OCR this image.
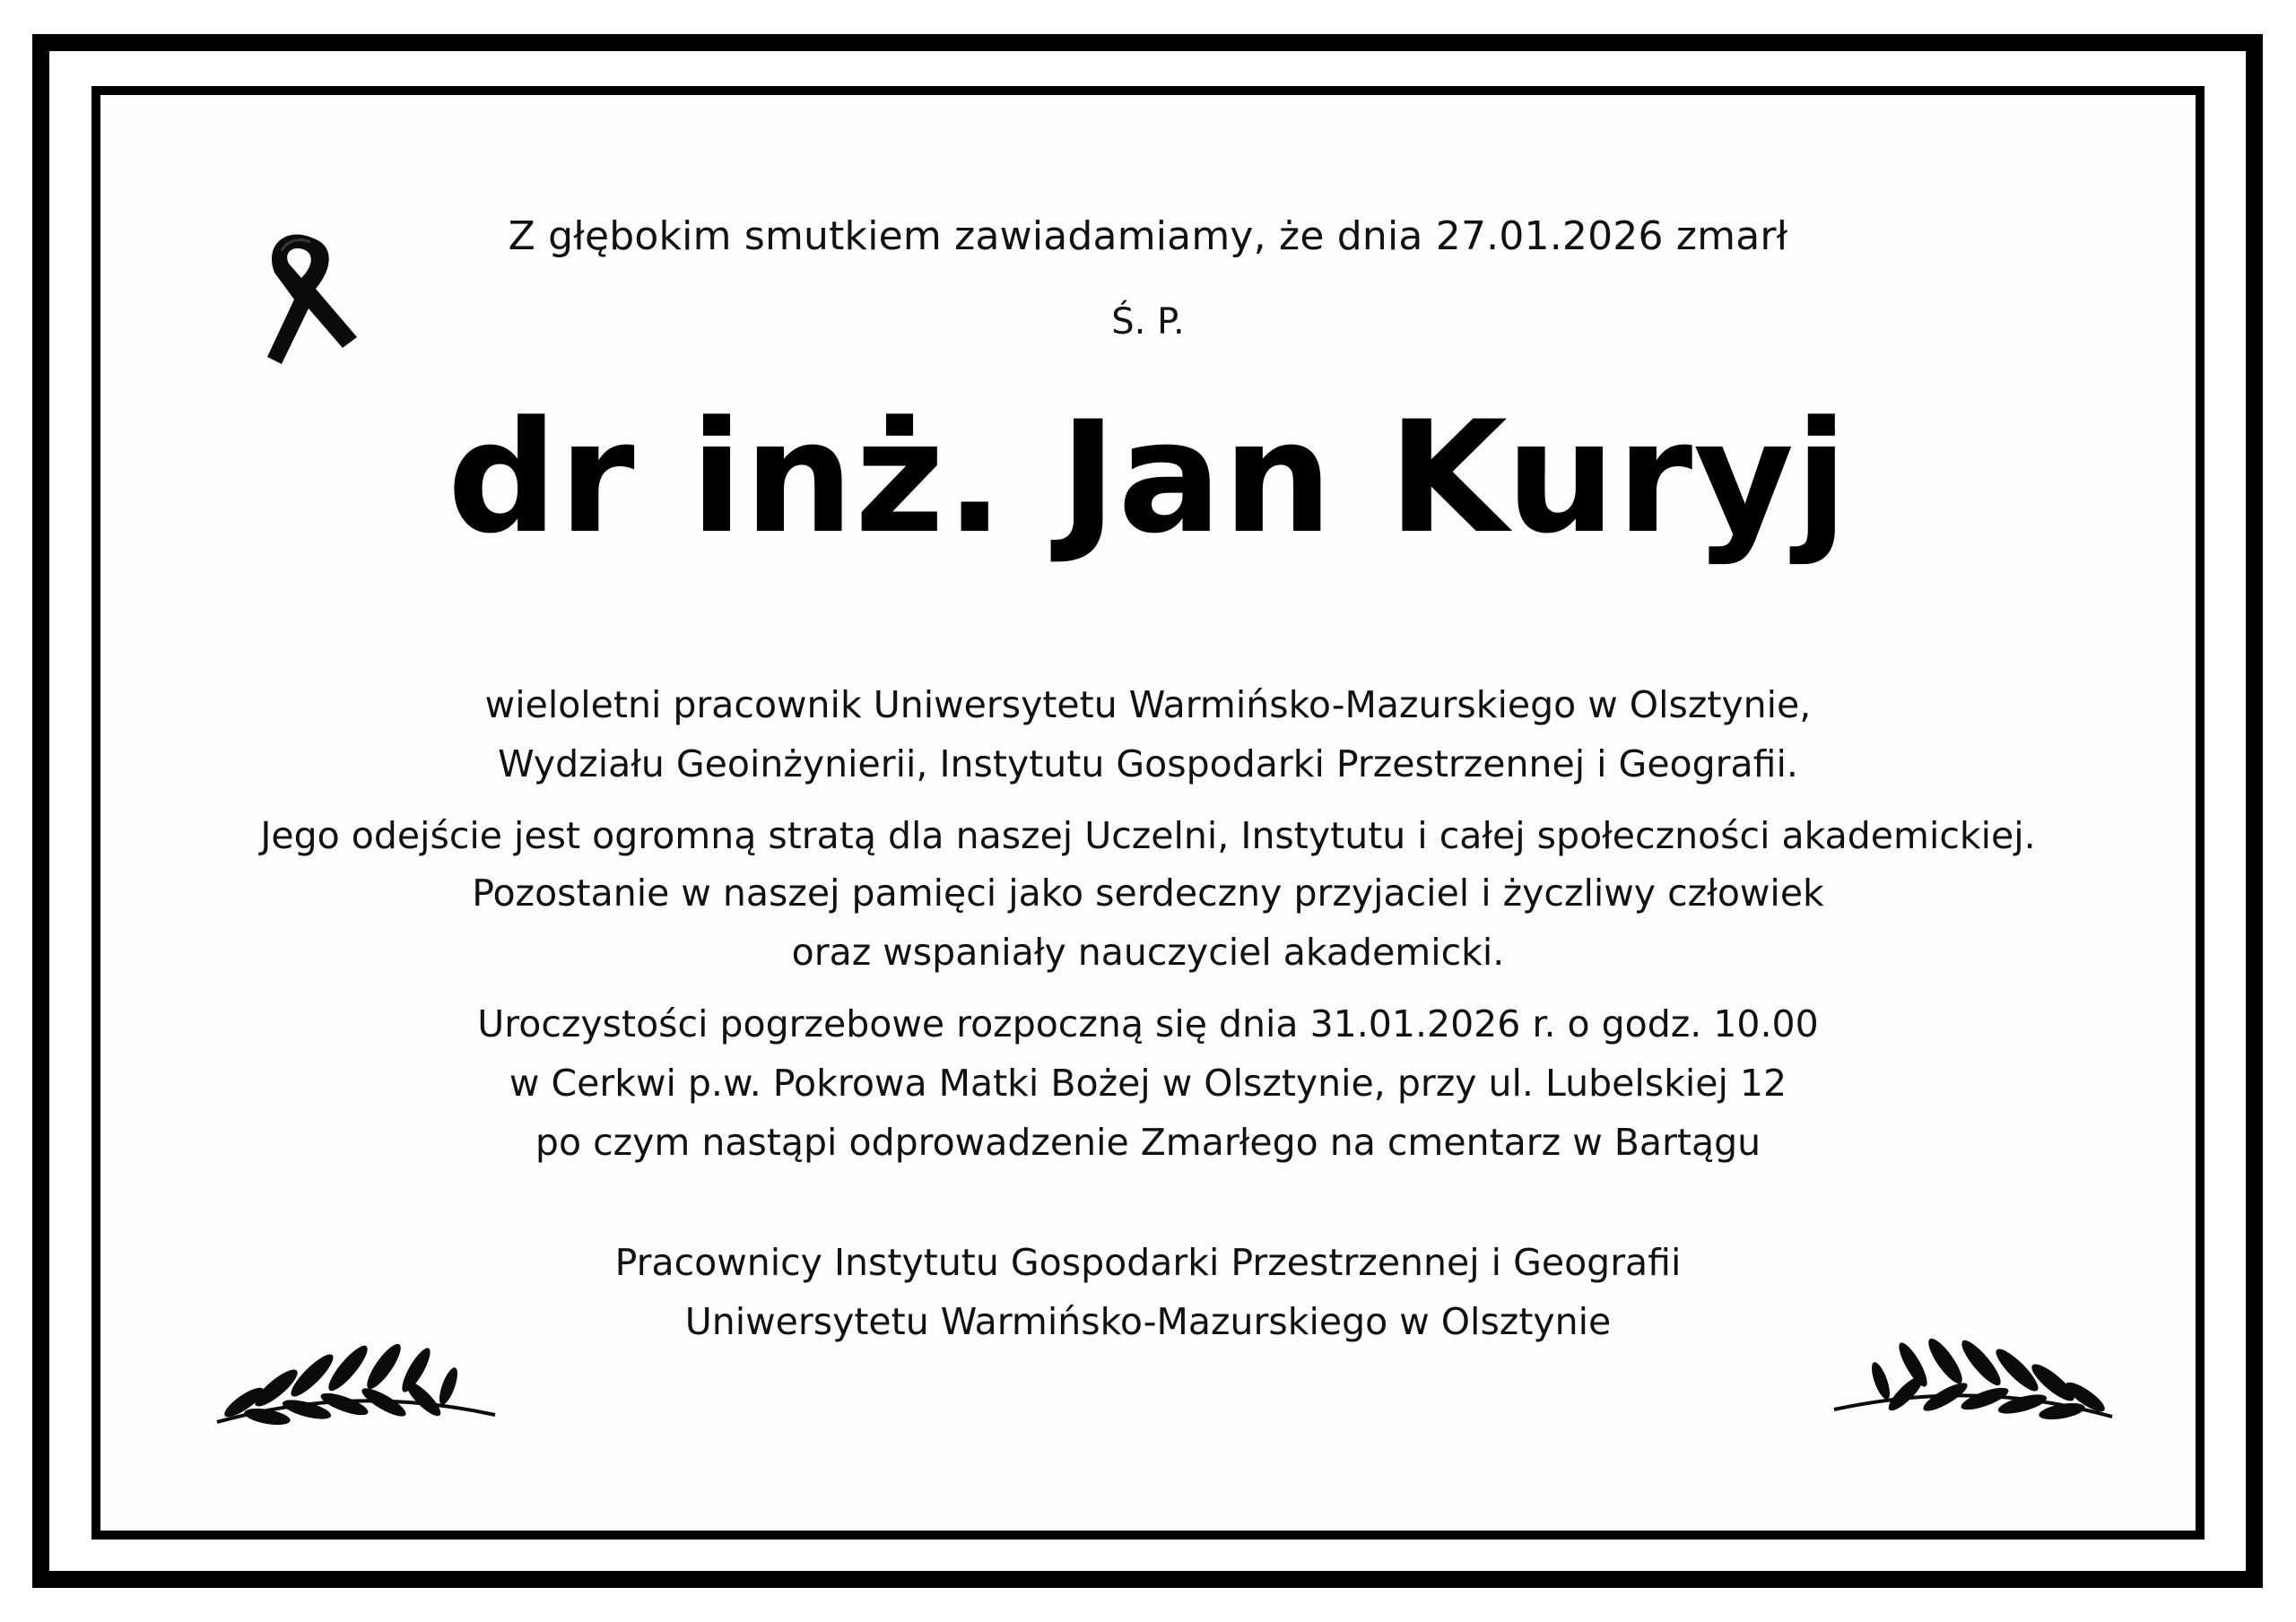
Z głębokim smutkiem zawiadamiamy, że dnia 27.01.2026 zmarł

Ś. P.

dr inż. Jan Kuryj

wieloletni pracownik Uniwersytetu Warmińsko-Mazurskiego w Olsztynie,

Wydziału Geoinżynierii, Instytutu Gospodarki Przestrzennej i Geografii.

Jego odejście jest ogromną stratą dla naszej Uczelni, Instytutu i całej społeczności akademickiej.

Pozostanie w naszej pamięci jako serdeczny przyjaciel i życzliwy człowiek

oraz wspaniały nauczyciel akademicki.

Uroczystości pogrzebowe rozpoczną się dnia 31.01.2026 r. o godz. 10.00

w Cerkwi p.w. Pokrowa Matki Bożej w Olsztynie, przy ul. Lubelskiej 12

po czym nastąpi odprowadzenie Zmarłego na cmentarz w Bartągu

Pracownicy Instytutu Gospodarki Przestrzennej i Geografii

Uniwersytetu Warmińsko-Mazurskiego w Olsztynie
